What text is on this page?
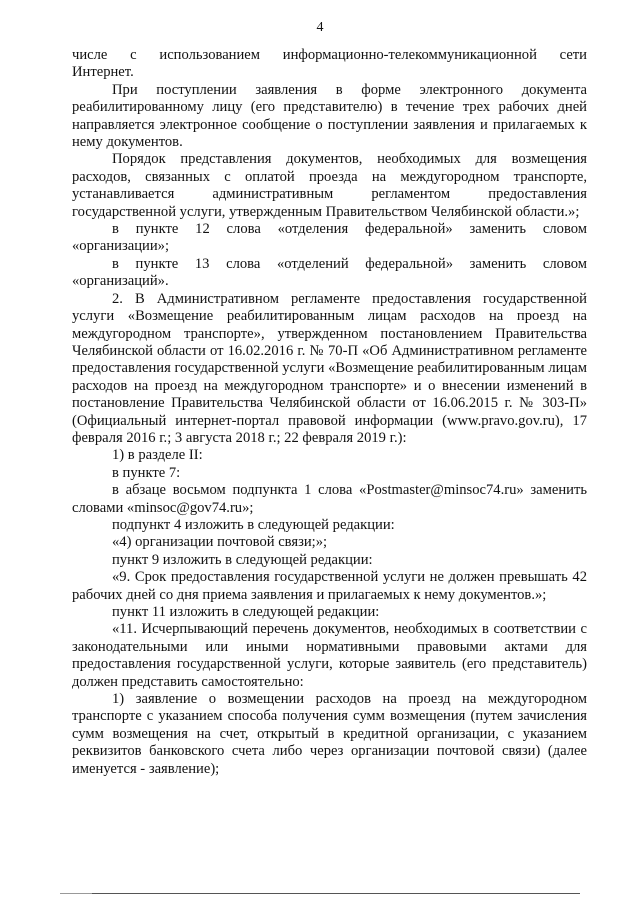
4

числе с использованием информационно-телекоммуникационной сети

Интернет.

При поступлении заявления в форме электронного документа реабилитированному лицу (его представителю) в течение трех рабочих дней направляется электронное сообщение о поступлении заявления и прилагаемых к нему документов.

Порядок представления документов, необходимых для возмещения расходов, связанных с оплатой проезда на междугородном транспорте, устанавливается административным регламентом предоставления государственной услуги, утвержденным Правительством Челябинской области.»;

в пункте 12 слова «отделения федеральной» заменить словом «организации»;

в пункте 13 слова «отделений федеральной» заменить словом «организаций».

2. В Административном регламенте предоставления государственной услуги «Возмещение реабилитированным лицам расходов на проезд на междугородном транспорте», утвержденном постановлением Правительства Челябинской области от 16.02.2016 г. № 70-П «Об Административном регламенте предоставления государственной услуги «Возмещение реабилитированным лицам расходов на проезд на междугородном транспорте» и о внесении изменений в постановление Правительства Челябинской области от 16.06.2015 г. № 303-П» (Официальный интернет-портал правовой информации (www.pravo.gov.ru), 17 февраля 2016 г.; 3 августа 2018 г.; 22 февраля 2019 г.):

1) в разделе II:

в пункте 7:

в абзаце восьмом подпункта 1 слова «Postmaster@minsoc74.ru» заменить словами «minsoc@gov74.ru»;

подпункт 4 изложить в следующей редакции:

«4) организации почтовой связи;»;

пункт 9 изложить в следующей редакции:

«9. Срок предоставления государственной услуги не должен превышать 42 рабочих дней со дня приема заявления и прилагаемых к нему документов.»;

пункт 11 изложить в следующей редакции:

«11. Исчерпывающий перечень документов, необходимых в соответствии с законодательными или иными нормативными правовыми актами для предоставления государственной услуги, которые заявитель (его представитель) должен представить самостоятельно:

1) заявление о возмещении расходов на проезд на междугородном транспорте с указанием способа получения сумм возмещения (путем зачисления сумм возмещения на счет, открытый в кредитной организации, с указанием реквизитов банковского счета либо через организации почтовой связи) (далее именуется - заявление);
